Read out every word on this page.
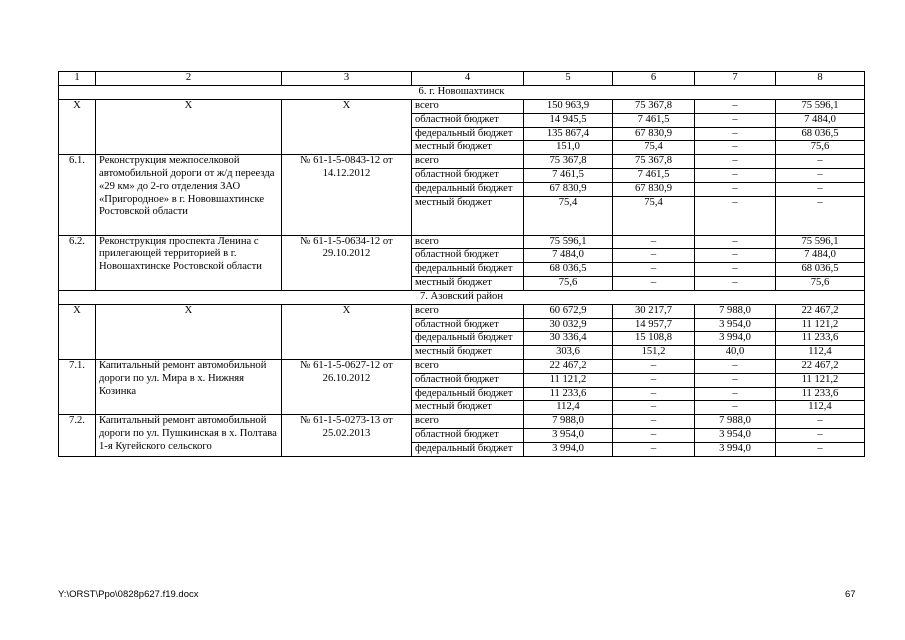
1	2	3	4	5	6	7	8
6. г. Новошахтинск							
Х	Х	Х	всего	150 963,9	75 367,8	–	75 596,1
			областной бюджет	14 945,5	7 461,5	–	7 484,0
			федеральный бюджет	135 867,4	67 830,9	–	68 036,5
			местный бюджет	151,0	75,4	–	75,6
6.1.	Реконструкция межпоселковой автомобильной дороги от ж/д переезда «29 км» до 2-го отделения ЗАО «Пригородное» в г. Нововшахтинске Ростовской области	№ 61-1-5-0843-12 от 14.12.2012	всего	75 367,8	75 367,8	–	–
			областной бюджет	7 461,5	7 461,5	–	–
			федеральный бюджет	67 830,9	67 830,9	–	–
			местный бюджет	75,4	75,4	–	–
6.2.	Реконструкция проспекта Ленина с прилегающей территорией в г. Новошахтинске Ростовской области	№ 61-1-5-0634-12 от 29.10.2012	всего	75 596,1	–	–	75 596,1
			областной бюджет	7 484,0	–	–	7 484,0
			федеральный бюджет	68 036,5	–	–	68 036,5
			местный бюджет	75,6	–	–	75,6
7. Азовский район							
Х	Х	Х	всего	60 672,9	30 217,7	7 988,0	22 467,2
			областной бюджет	30 032,9	14 957,7	3 954,0	11 121,2
			федеральный бюджет	30 336,4	15 108,8	3 994,0	11 233,6
			местный бюджет	303,6	151,2	40,0	112,4
7.1.	Капитальный ремонт автомобильной дороги по ул. Мира в х. Нижняя Козинка	№ 61-1-5-0627-12 от 26.10.2012	всего	22 467,2	–	–	22 467,2
			областной бюджет	11 121,2	–	–	11 121,2
			федеральный бюджет	11 233,6	–	–	11 233,6
			местный бюджет	112,4	–	–	112,4
7.2.	Капитальный ремонт автомобильной дороги по ул. Пушкинская в х. Полтава 1-я Кугейского сельского	№ 61-1-5-0273-13 от 25.02.2013	всего	7 988,0	–	7 988,0	–
			областной бюджет	3 954,0	–	3 954,0	–
			федеральный бюджет	3 994,0	–	3 994,0	–
Y:\ORST\Ppo\0828p627.f19.docx	67
